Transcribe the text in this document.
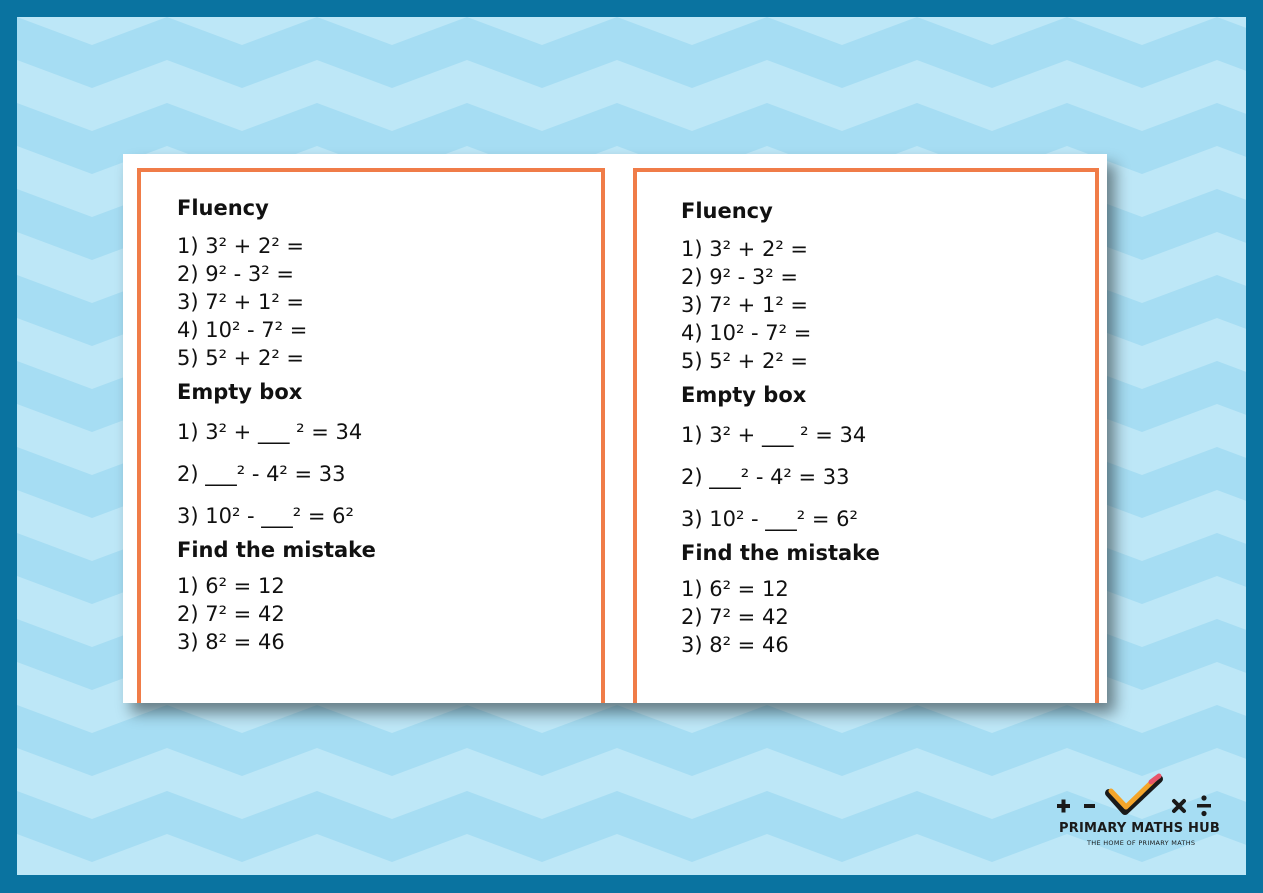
Fluency
1) 3² + 2² =
2) 9² - 3² =
3) 7² + 1² =
4) 10² - 7² =
5) 5² + 2² =
Empty box
1) 3² + ___ ² = 34
2) ___² - 4² = 33
3) 10² - ___² = 6²
Find the mistake
1) 6² = 12
2) 7² = 42
3) 8² = 46
Fluency
1) 3² + 2² =
2) 9² - 3² =
3) 7² + 1² =
4) 10² - 7² =
5) 5² + 2² =
Empty box
1) 3² + ___ ² = 34
2) ___² - 4² = 33
3) 10² - ___² = 6²
Find the mistake
1) 6² = 12
2) 7² = 42
3) 8² = 46
PRIMARY MATHS HUB
THE HOME OF PRIMARY MATHS
